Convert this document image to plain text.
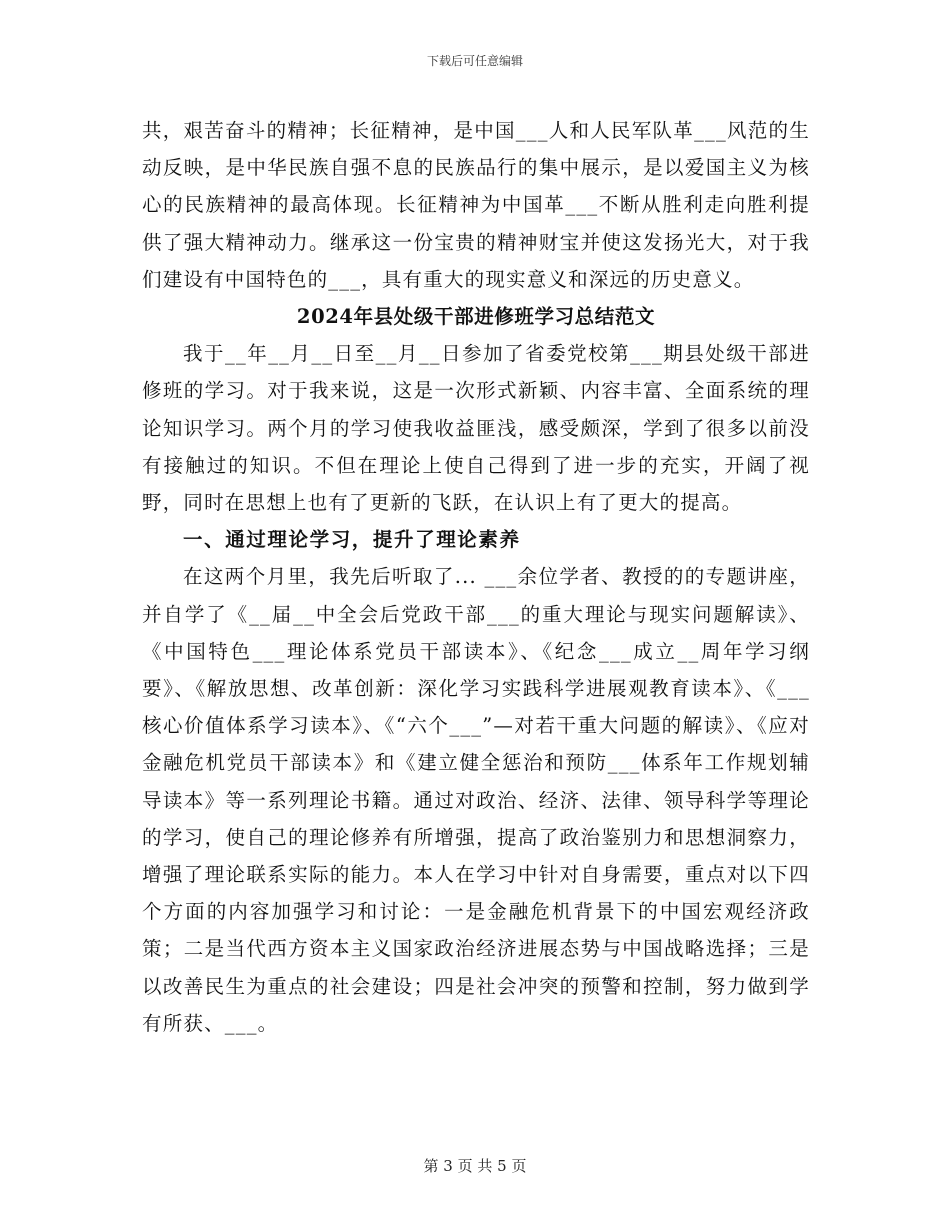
下载后可任意编辑

共，艰苦奋斗的精神；长征精神，是中国___人和人民军队革___风范的生动反映，是中华民族自强不息的民族品行的集中展示，是以爱国主义为核心的民族精神的最高体现。长征精神为中国革___不断从胜利走向胜利提供了强大精神动力。继承这一份宝贵的精神财宝并使这发扬光大，对于我们建设有中国特色的___，具有重大的现实意义和深远的历史意义。

2024年县处级干部进修班学习总结范文

我于__年__月__日至__月__日参加了省委党校第___期县处级干部进修班的学习。对于我来说，这是一次形式新颖、内容丰富、全面系统的理论知识学习。两个月的学习使我收益匪浅，感受颇深，学到了很多以前没有接触过的知识。不但在理论上使自己得到了进一步的充实，开阔了视野，同时在思想上也有了更新的飞跃，在认识上有了更大的提高。

一、通过理论学习，提升了理论素养

在这两个月里，我先后听取了... ___余位学者、教授的的专题讲座，并自学了《__届__中全会后党政干部___的重大理论与现实问题解读》、《中国特色___理论体系党员干部读本》、《纪念___成立__周年学习纲要》、《解放思想、改革创新：深化学习实践科学进展观教育读本》、《___核心价值体系学习读本》、《“六个___”—对若干重大问题的解读》、《应对金融危机党员干部读本》和《建立健全惩治和预防___体系年工作规划辅导读本》等一系列理论书籍。通过对政治、经济、法律、领导科学等理论的学习，使自己的理论修养有所增强，提高了政治鉴别力和思想洞察力，增强了理论联系实际的能力。本人在学习中针对自身需要，重点对以下四个方面的内容加强学习和讨论：一是金融危机背景下的中国宏观经济政策；二是当代西方资本主义国家政治经济进展态势与中国战略选择；三是以改善民生为重点的社会建设；四是社会冲突的预警和控制，努力做到学有所获、___。

第 3 页 共 5 页
